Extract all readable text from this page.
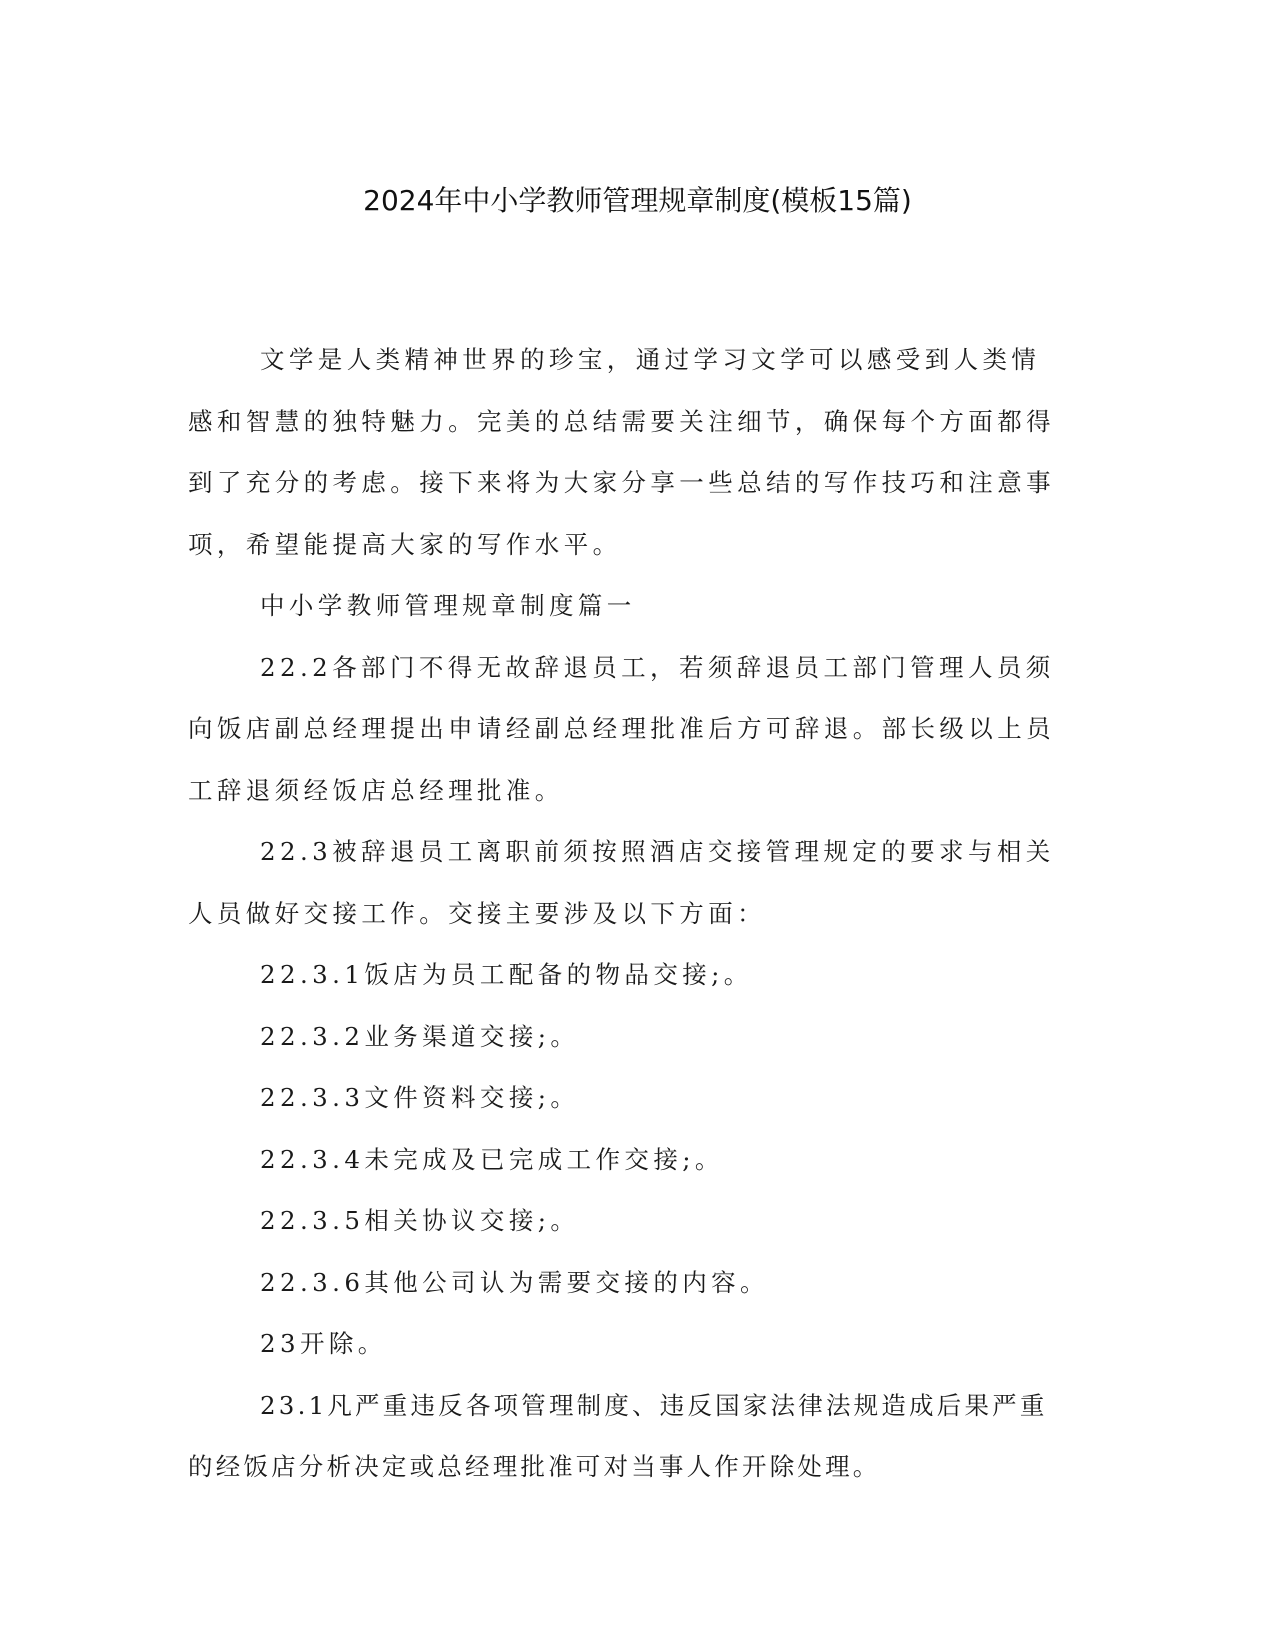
2024年中小学教师管理规章制度(模板15篇)

文学是人类精神世界的珍宝，通过学习文学可以感受到人类情感和智慧的独特魅力。完美的总结需要关注细节，确保每个方面都得到了充分的考虑。接下来将为大家分享一些总结的写作技巧和注意事项，希望能提高大家的写作水平。

中小学教师管理规章制度篇一

22.2各部门不得无故辞退员工，若须辞退员工部门管理人员须向饭店副总经理提出申请经副总经理批准后方可辞退。部长级以上员工辞退须经饭店总经理批准。

22.3被辞退员工离职前须按照酒店交接管理规定的要求与相关人员做好交接工作。交接主要涉及以下方面：

22.3.1饭店为员工配备的物品交接;。

22.3.2业务渠道交接;。

22.3.3文件资料交接;。

22.3.4未完成及已完成工作交接;。

22.3.5相关协议交接;。

22.3.6其他公司认为需要交接的内容。

23开除。

23.1凡严重违反各项管理制度、违反国家法律法规造成后果严重的经饭店分析决定或总经理批准可对当事人作开除处理。
